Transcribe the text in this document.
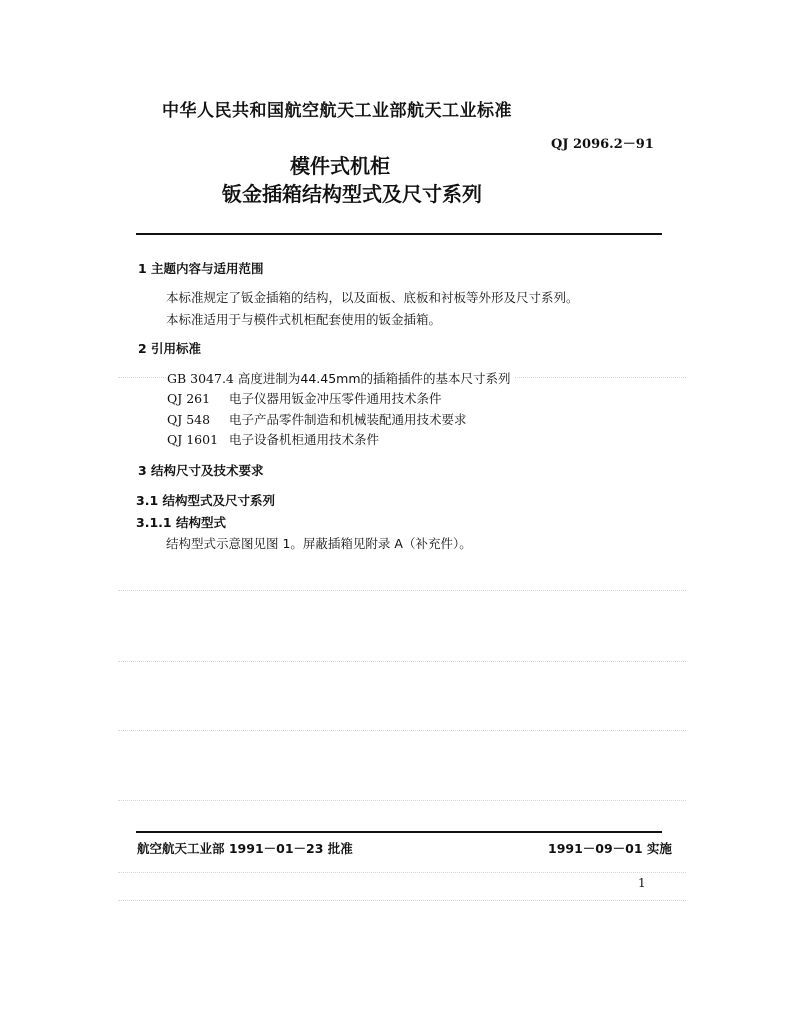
中华人民共和国航空航天工业部航天工业标准
QJ 2096.2－91
模件式机柜
钣金插箱结构型式及尺寸系列
1 主题内容与适用范围
本标准规定了钣金插箱的结构，以及面板、底板和衬板等外形及尺寸系列。
本标准适用于与模件式机柜配套使用的钣金插箱。
2 引用标准
GB 3047.4 高度进制为44.45mm的插箱插件的基本尺寸系列
QJ 261 电子仪器用钣金冲压零件通用技术条件
QJ 548 电子产品零件制造和机械装配通用技术要求
QJ 1601 电子设备机柜通用技术条件
3 结构尺寸及技术要求
3.1 结构型式及尺寸系列
3.1.1 结构型式
结构型式示意图见图 1。屏蔽插箱见附录 A（补充件）。
航空航天工业部 1991－01－23 批准	1991－09－01 实施
1
